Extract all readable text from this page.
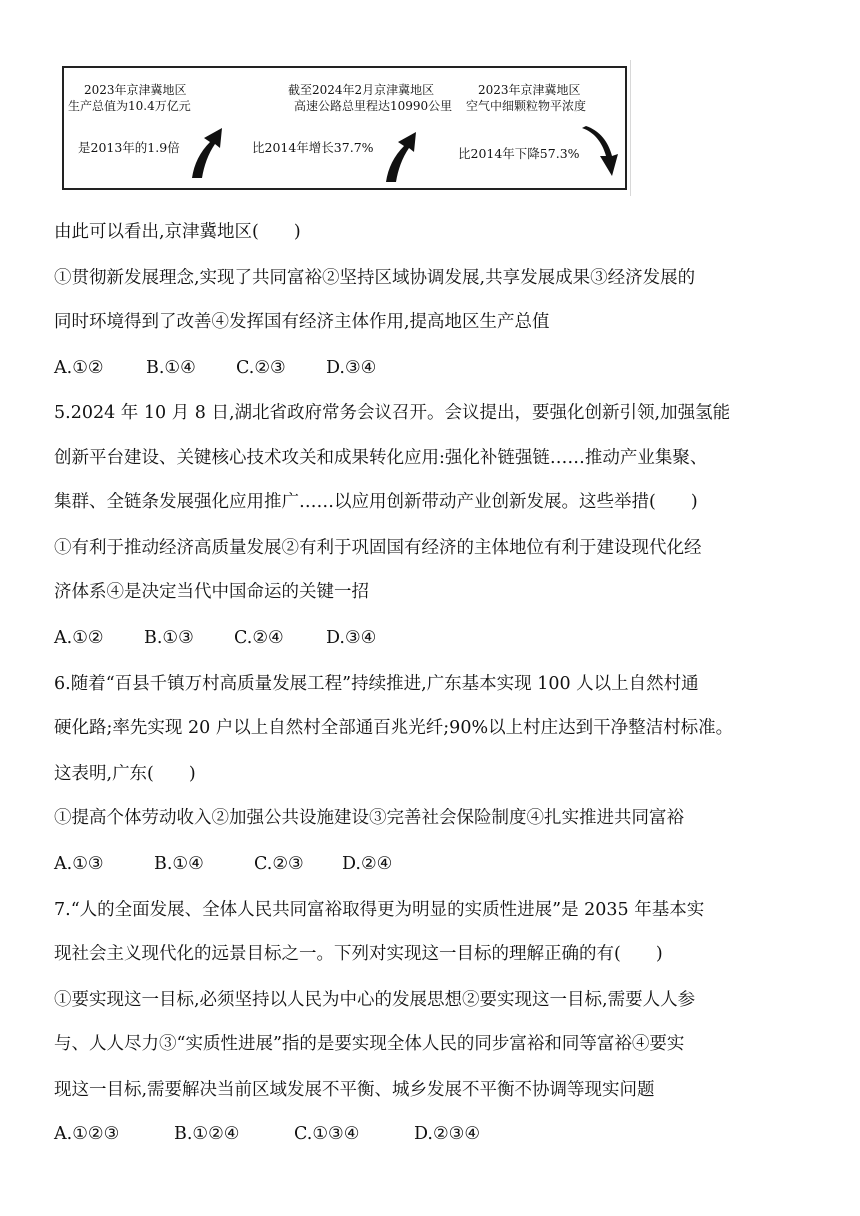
2023年京津冀地区
生产总值为10.4万亿元
是2013年的1.9倍
截至2024年2月京津冀地区
高速公路总里程达10990公里
比2014年增长37.7%
2023年京津冀地区
空气中细颗粒物平浓度
比2014年下降57.3%
由此可以看出,京津冀地区(　　)
①贯彻新发展理念,实现了共同富裕②坚持区域协调发展,共享发展成果③经济发展的
同时环境得到了改善④发挥国有经济主体作用,提高地区生产总值
A.①② B.①④ C.②③ D.③④
5.2024 年 10 月 8 日,湖北省政府常务会议召开。会议提出，要强化创新引领,加强氢能
创新平台建设、关键核心技术攻关和成果转化应用:强化补链强链……推动产业集聚、
集群、全链条发展强化应用推广……以应用创新带动产业创新发展。这些举措(　　)
①有利于推动经济高质量发展②有利于巩固国有经济的主体地位有利于建设现代化经
济体系④是决定当代中国命运的关键一招
A.①② B.①③ C.②④ D.③④
6.随着“百县千镇万村高质量发展工程”持续推进,广东基本实现 100 人以上自然村通
硬化路;率先实现 20 户以上自然村全部通百兆光纤;90%以上村庄达到干净整洁村标准。
这表明,广东(　　)
①提高个体劳动收入②加强公共设施建设③完善社会保险制度④扎实推进共同富裕
A.①③	B.①④	C.②③ D.②④
7.“人的全面发展、全体人民共同富裕取得更为明显的实质性进展”是 2035 年基本实
现社会主义现代化的远景目标之一。下列对实现这一目标的理解正确的有(　　)
①要实现这一目标,必须坚持以人民为中心的发展思想②要实现这一目标,需要人人参
与、人人尽力③“实质性进展”指的是要实现全体人民的同步富裕和同等富裕④要实
现这一目标,需要解决当前区域发展不平衡、城乡发展不平衡不协调等现实问题
A.①②③	B.①②④	C.①③④	D.②③④
